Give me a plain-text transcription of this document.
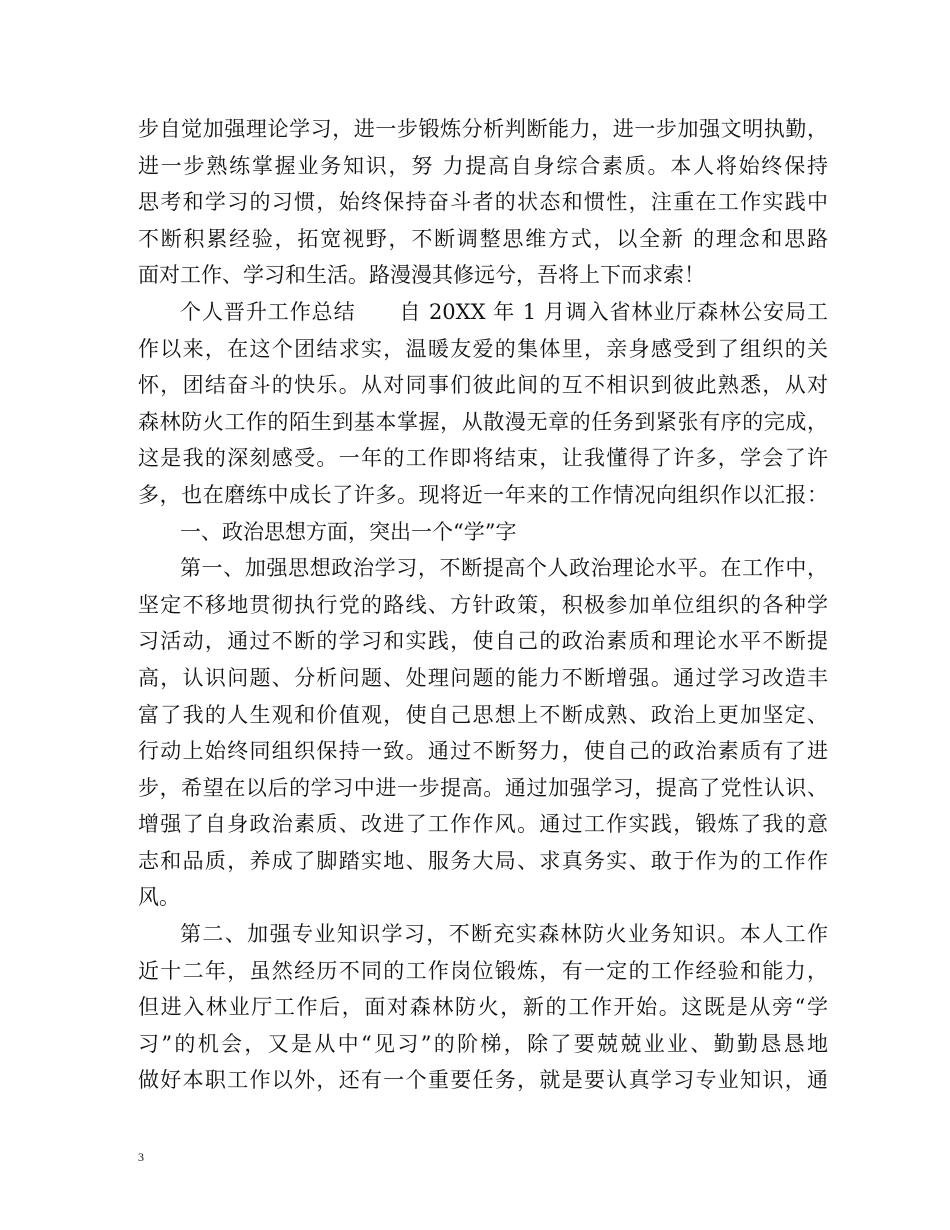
步自觉加强理论学习，进一步锻炼分析判断能力，进一步加强文明执勤，
进一步熟练掌握业务知识，努 力提高自身综合素质。本人将始终保持
思考和学习的习惯，始终保持奋斗者的状态和惯性，注重在工作实践中
不断积累经验，拓宽视野，不断调整思维方式，以全新 的理念和思路
面对工作、学习和生活。路漫漫其修远兮，吾将上下而求索！
个人晋升工作总结　　自 20XX 年 1 月调入省林业厅森林公安局工
作以来，在这个团结求实，温暖友爱的集体里，亲身感受到了组织的关
怀，团结奋斗的快乐。从对同事们彼此间的互不相识到彼此熟悉，从对
森林防火工作的陌生到基本掌握，从散漫无章的任务到紧张有序的完成，
这是我的深刻感受。一年的工作即将结束，让我懂得了许多，学会了许
多，也在磨练中成长了许多。现将近一年来的工作情况向组织作以汇报：
一、政治思想方面，突出一个“学”字
第一、加强思想政治学习，不断提高个人政治理论水平。在工作中，
坚定不移地贯彻执行党的路线、方针政策，积极参加单位组织的各种学
习活动，通过不断的学习和实践，使自己的政治素质和理论水平不断提
高，认识问题、分析问题、处理问题的能力不断增强。通过学习改造丰
富了我的人生观和价值观，使自己思想上不断成熟、政治上更加坚定、
行动上始终同组织保持一致。通过不断努力，使自己的政治素质有了进
步，希望在以后的学习中进一步提高。通过加强学习，提高了党性认识、
增强了自身政治素质、改进了工作作风。通过工作实践，锻炼了我的意
志和品质，养成了脚踏实地、服务大局、求真务实、敢于作为的工作作
风。
第二、加强专业知识学习，不断充实森林防火业务知识。本人工作
近十二年，虽然经历不同的工作岗位锻炼，有一定的工作经验和能力，
但进入林业厅工作后，面对森林防火，新的工作开始。这既是从旁“学
习”的机会，又是从中“见习”的阶梯，除了要兢兢业业、勤勤恳恳地
做好本职工作以外，还有一个重要任务，就是要认真学习专业知识，通
3
